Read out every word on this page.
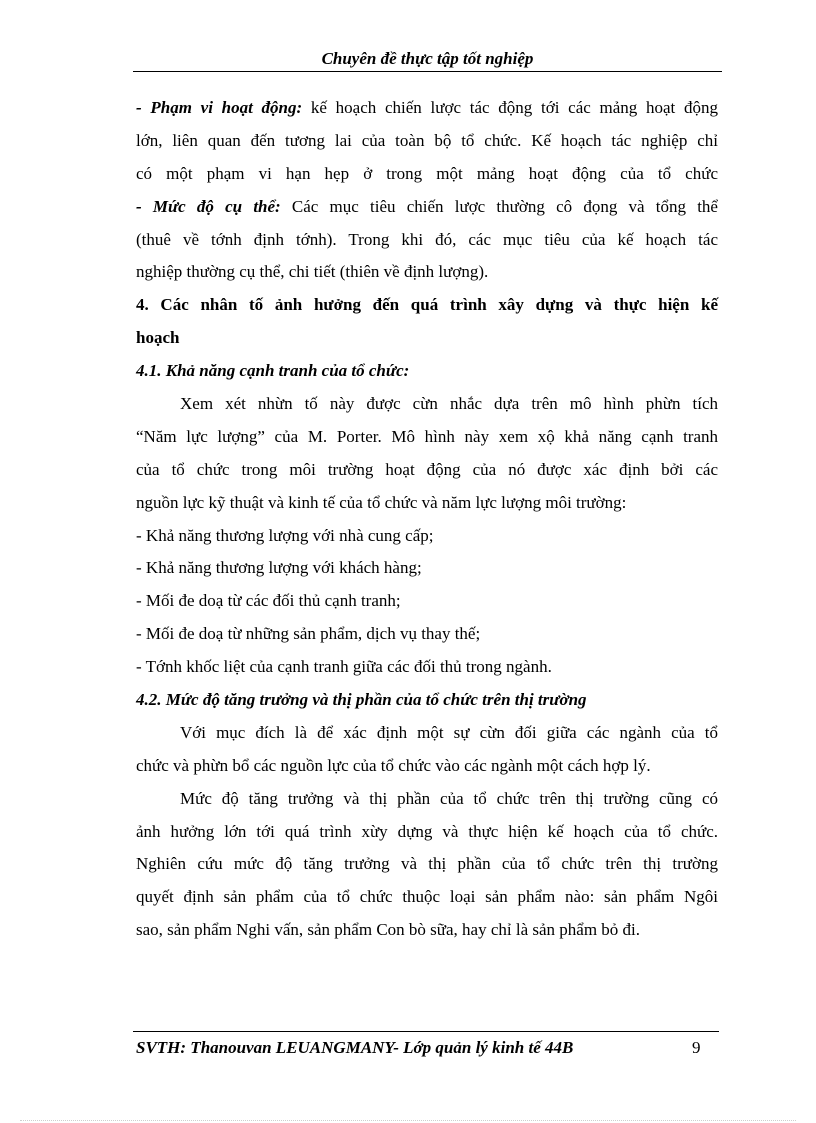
Chuyên đề thực tập tốt nghiệp
- Phạm vi hoạt động: kế hoạch chiến lược tác động tới các mảng hoạt động
lớn, liên quan đến tương lai của toàn bộ tổ chức. Kế hoạch tác nghiệp chỉ
có một phạm vi hạn hẹp ở trong một mảng hoạt động của tổ chức
- Mức độ cụ thể: Các mục tiêu chiến lược thường cô đọng và tổng thể
(thuê về tớnh định tớnh). Trong khi đó, các mục tiêu của kế hoạch tác
nghiệp thường cụ thể, chi tiết (thiên về định lượng).
4. Các nhân tố ảnh hưởng đến quá trình xây dựng và thực hiện kế
hoạch
4.1. Khả năng cạnh tranh của tổ chức:
Xem xét nhừn tố này được cừn nhắc dựa trên mô hình phừn tích
“Năm lực lượng” của M. Porter. Mô hình này xem xộ khả năng cạnh tranh
của tổ chức trong môi trường hoạt động của nó được xác định bởi các
nguồn lực kỹ thuật và kinh tế của tổ chức và năm lực lượng môi trường:
- Khả năng thương lượng với nhà cung cấp;
- Khả năng thương lượng với khách hàng;
- Mối đe doạ từ các đối thủ cạnh tranh;
- Mối đe doạ từ những sản phẩm, dịch vụ thay thế;
- Tớnh khốc liệt của cạnh tranh giữa các đối thủ trong ngành.
4.2. Mức độ tăng trưởng và thị phần của tổ chức trên thị trường
Với mục đích là để xác định một sự cừn đối giữa các ngành của tổ
chức và phừn bổ các nguồn lực của tổ chức vào các ngành một cách hợp lý.
Mức độ tăng trưởng và thị phần của tổ chức trên thị trường cũng có
ảnh hưởng lớn tới quá trình xừy dựng và thực hiện kế hoạch của tổ chức.
Nghiên cứu mức độ tăng trưởng và thị phần của tổ chức trên thị trường
quyết định sản phẩm của tổ chức thuộc loại sản phẩm nào: sản phẩm Ngôi
sao, sản phẩm Nghi vấn, sản phẩm Con bò sữa, hay chỉ là sản phẩm bỏ đi.
SVTH: Thanouvan LEUANGMANY- Lớp quản lý kinh tế 44B	9
